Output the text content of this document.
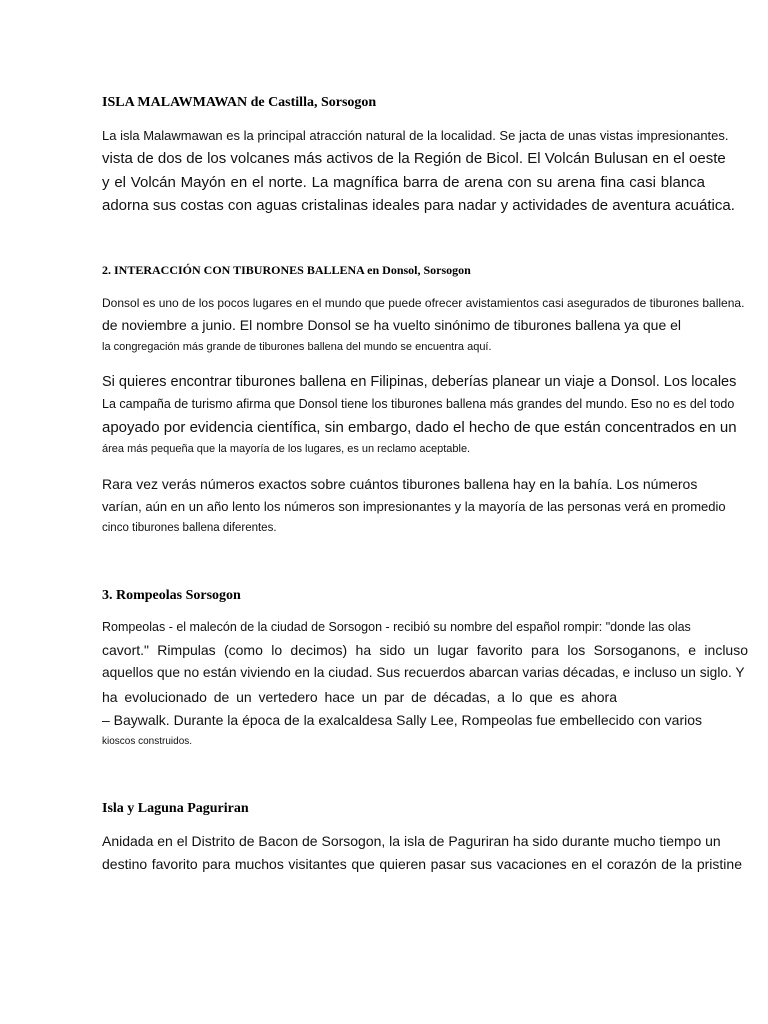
ISLA MALAWMAWAN de Castilla, Sorsogon
La isla Malawmawan es la principal atracción natural de la localidad. Se jacta de unas vistas impresionantes.
vista de dos de los volcanes más activos de la Región de Bicol. El Volcán Bulusan en el oeste
y el Volcán Mayón en el norte. La magnífica barra de arena con su arena fina casi blanca
adorna sus costas con aguas cristalinas ideales para nadar y actividades de aventura acuática.
2. INTERACCIÓN CON TIBURONES BALLENA en Donsol, Sorsogon
Donsol es uno de los pocos lugares en el mundo que puede ofrecer avistamientos casi asegurados de tiburones ballena.
de noviembre a junio. El nombre Donsol se ha vuelto sinónimo de tiburones ballena ya que el
la congregación más grande de tiburones ballena del mundo se encuentra aquí.
Si quieres encontrar tiburones ballena en Filipinas, deberías planear un viaje a Donsol. Los locales
La campaña de turismo afirma que Donsol tiene los tiburones ballena más grandes del mundo. Eso no es del todo
apoyado por evidencia científica, sin embargo, dado el hecho de que están concentrados en un
área más pequeña que la mayoría de los lugares, es un reclamo aceptable.
Rara vez verás números exactos sobre cuántos tiburones ballena hay en la bahía. Los números
varían, aún en un año lento los números son impresionantes y la mayoría de las personas verá en promedio
cinco tiburones ballena diferentes.
3. Rompeolas Sorsogon
Rompeolas - el malecón de la ciudad de Sorsogon - recibió su nombre del español rompir: "donde las olas
cavort." Rimpulas (como lo decimos) ha sido un lugar favorito para los Sorsoganons, e incluso
aquellos que no están viviendo en la ciudad. Sus recuerdos abarcan varias décadas, e incluso un siglo. Y
ha evolucionado de un vertedero hace un par de décadas, a lo que es ahora
– Baywalk. Durante la época de la exalcaldesa Sally Lee, Rompeolas fue embellecido con varios
kioscos construidos.
Isla y Laguna Paguriran
Anidada en el Distrito de Bacon de Sorsogon, la isla de Paguriran ha sido durante mucho tiempo un
destino favorito para muchos visitantes que quieren pasar sus vacaciones en el corazón de la pristine
